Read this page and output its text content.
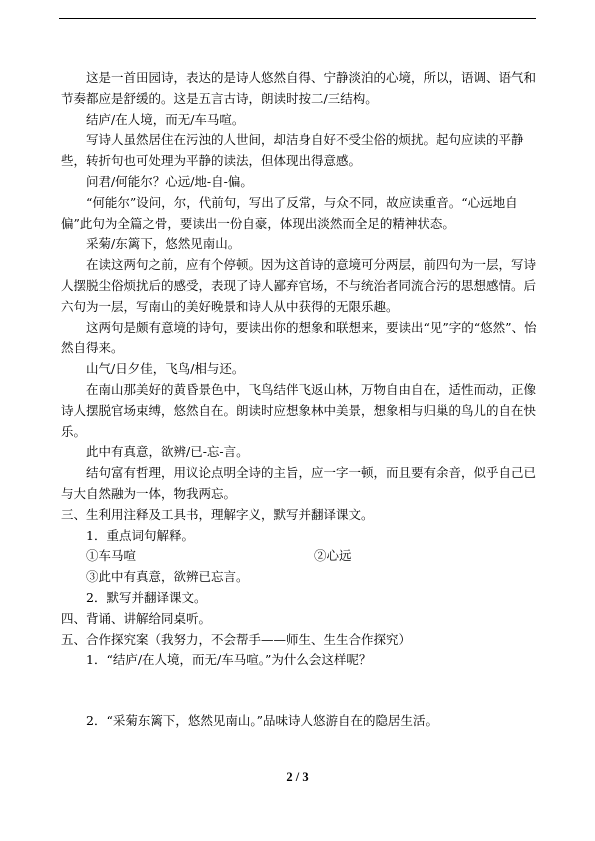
这是一首田园诗，表达的是诗人悠然自得、宁静淡泊的心境，所以，语调、语气和节奏都应是舒缓的。这是五言古诗，朗读时按二/三结构。

结庐/在人境，而无/车马喧。

写诗人虽然居住在污浊的人世间，却洁身自好不受尘俗的烦扰。起句应读的平静些，转折句也可处理为平静的读法，但体现出得意感。

问君/何能尔？心远/地-自-偏。

“何能尔”设问，尔，代前句，写出了反常，与众不同，故应读重音。“心远地自偏”此句为全篇之骨，要读出一份自豪，体现出淡然而全足的精神状态。

采菊/东篱下，悠然见南山。

在读这两句之前，应有个停顿。因为这首诗的意境可分两层，前四句为一层，写诗人摆脱尘俗烦扰后的感受，表现了诗人鄙弃官场，不与统治者同流合污的思想感情。后六句为一层，写南山的美好晚景和诗人从中获得的无限乐趣。

这两句是颇有意境的诗句，要读出你的想象和联想来，要读出“见”字的“悠然”、怡然自得来。

山气/日夕佳，飞鸟/相与还。

在南山那美好的黄昏景色中，飞鸟结伴飞返山林，万物自由自在，适性而动，正像诗人摆脱官场束缚，悠然自在。朗读时应想象林中美景，想象相与归巢的鸟儿的自在快乐。

此中有真意，欲辨/已-忘-言。

结句富有哲理，用议论点明全诗的主旨，应一字一顿，而且要有余音，似乎自己已与大自然融为一体，物我两忘。

三、生利用注释及工具书，理解字义，默写并翻译课文。

1．重点词句解释。

①车马喧	②心远

③此中有真意，欲辨已忘言。

2．默写并翻译课文。

四、背诵、讲解给同桌听。

五、合作探究案（我努力，不会帮手——师生、生生合作探究）

1．“结庐/在人境，而无/车马喧。”为什么会这样呢？

2．“采菊东篱下，悠然见南山。”品味诗人悠游自在的隐居生活。

2 / 3
